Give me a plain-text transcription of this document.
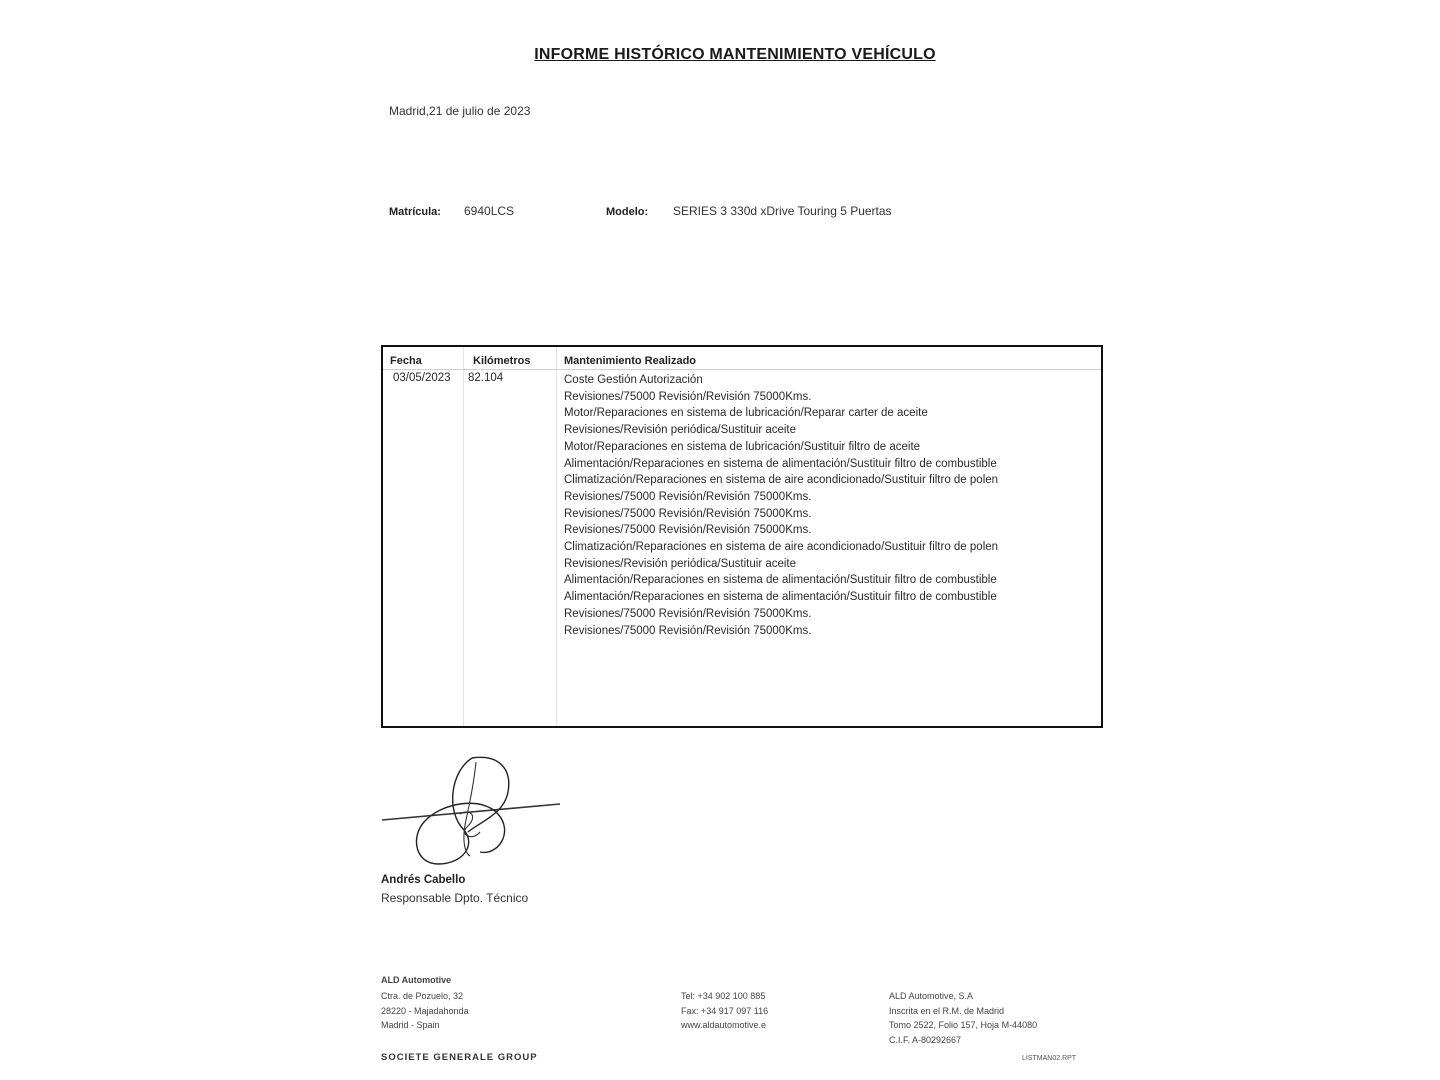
INFORME HISTÓRICO MANTENIMIENTO VEHÍCULO
Madrid,21 de julio de 2023
Matrícula: 6940LCS	Modelo: SERIES 3 330d xDrive Touring 5 Puertas
Fecha	Kilómetros	Mantenimiento Realizado
03/05/2023 82.104	Coste Gestión Autorización
Revisiones/75000 Revisión/Revisión 75000Kms.
Motor/Reparaciones en sistema de lubricación/Reparar carter de aceite
Revisiones/Revisión periódica/Sustituir aceite
Motor/Reparaciones en sistema de lubricación/Sustituir filtro de aceite
Alimentación/Reparaciones en sistema de alimentación/Sustituir filtro de combustible
Climatización/Reparaciones en sistema de aire acondicionado/Sustituir filtro de polen
Revisiones/75000 Revisión/Revisión 75000Kms.
Revisiones/75000 Revisión/Revisión 75000Kms.
Revisiones/75000 Revisión/Revisión 75000Kms.
Climatización/Reparaciones en sistema de aire acondicionado/Sustituir filtro de polen
Revisiones/Revisión periódica/Sustituir aceite
Alimentación/Reparaciones en sistema de alimentación/Sustituir filtro de combustible
Alimentación/Reparaciones en sistema de alimentación/Sustituir filtro de combustible
Revisiones/75000 Revisión/Revisión 75000Kms.
Revisiones/75000 Revisión/Revisión 75000Kms.
Andrés Cabello
Responsable Dpto. Técnico
ALD Automotive
Ctra. de Pozuelo, 32
28220 - Majadahonda
Madrid - Spain
Tel: +34 902 100 885
Fax: +34 917 097 116
www.aldautomotive.e
ALD Automotive, S.A
Inscrita en el R.M. de Madrid
Tomo 2522, Folio 157, Hoja M-44080
C.I.F. A-80292667
SOCIETE GENERALE GROUP	LISTMAN02.RPT
